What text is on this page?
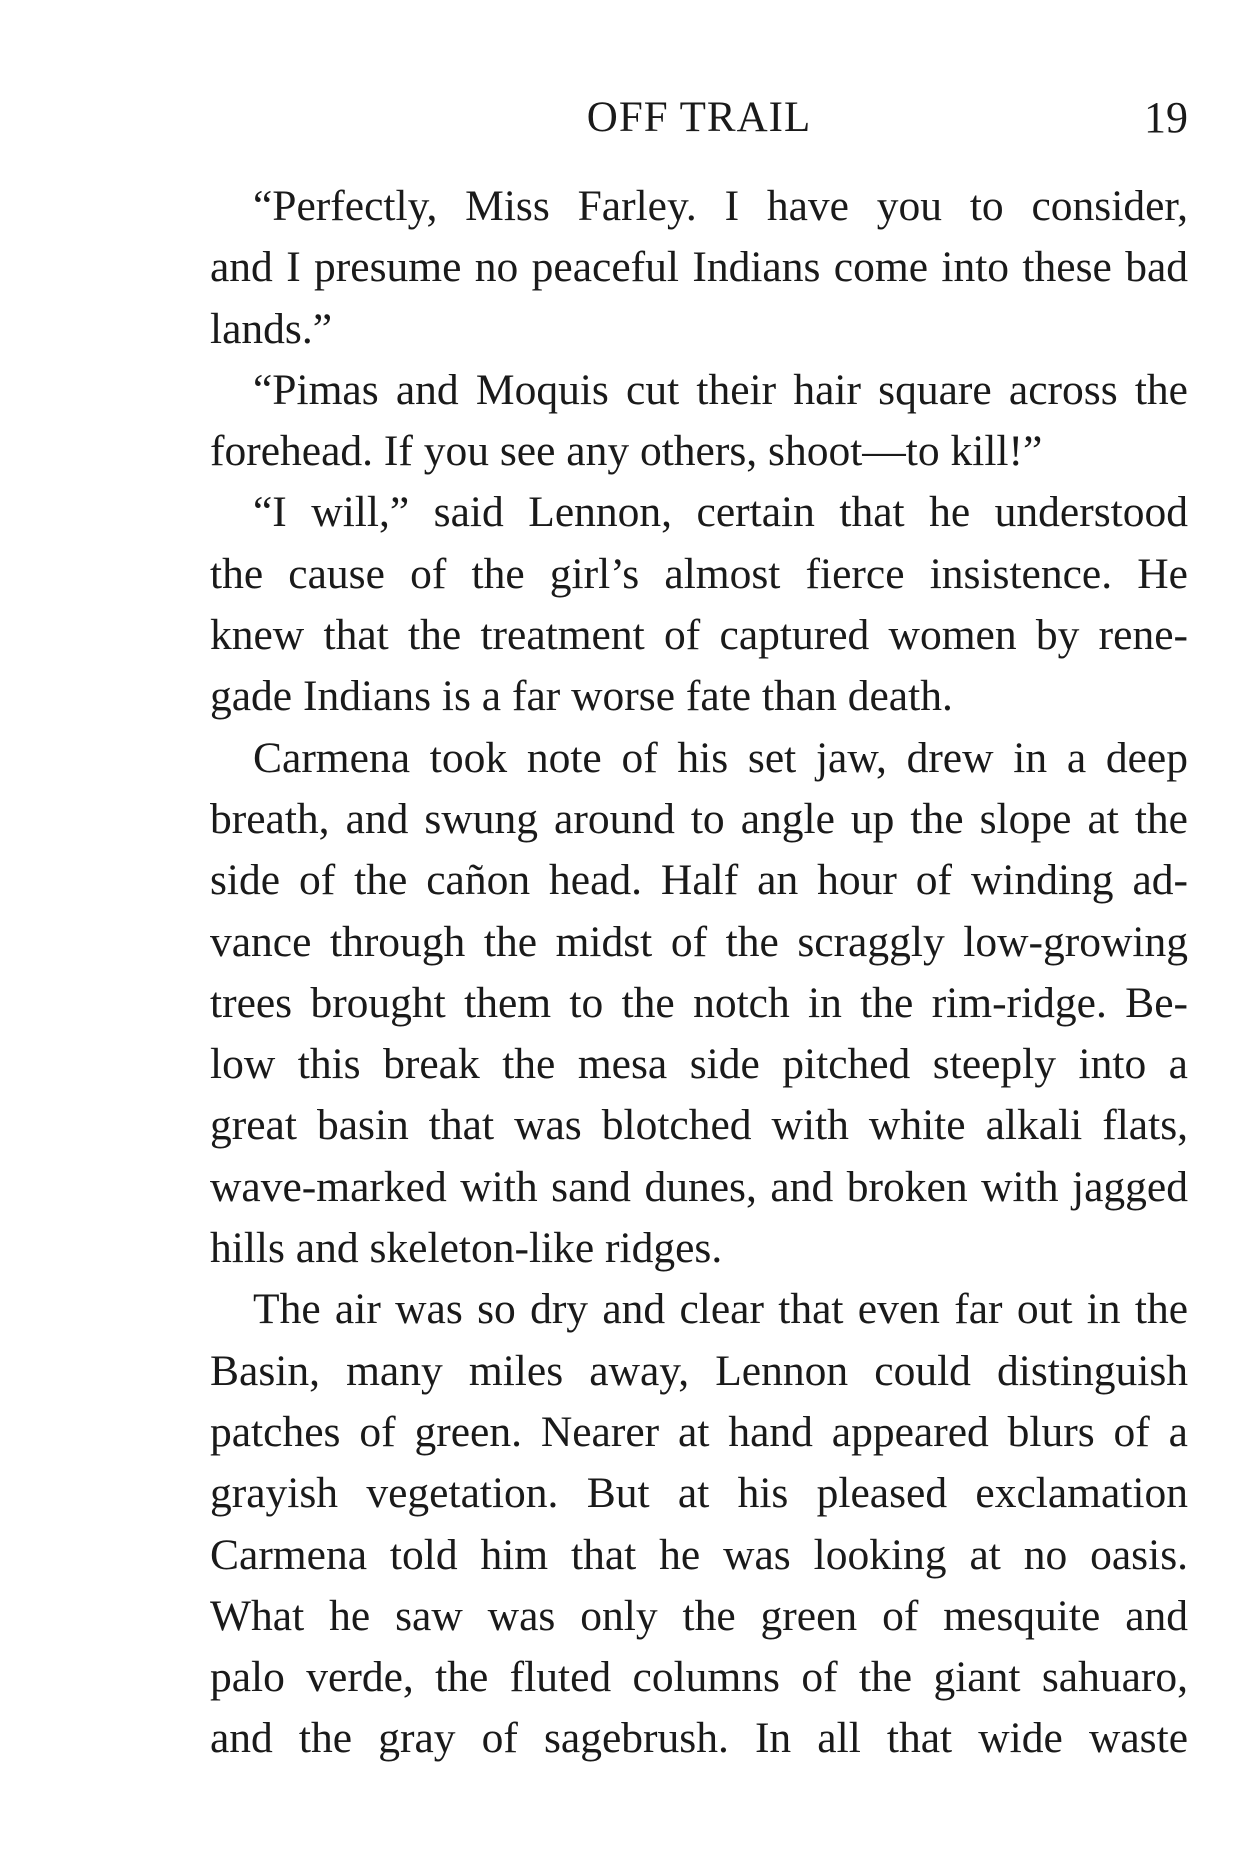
OFF TRAIL	19

“Perfectly, Miss Farley. I have you to consider,
and I presume no peaceful Indians come into these bad
lands.”

“Pimas and Moquis cut their hair square across the
forehead. If you see any others, shoot—to kill!”

“I will,” said Lennon, certain that he understood
the cause of the girl’s almost fierce insistence. He
knew that the treatment of captured women by rene-
gade Indians is a far worse fate than death.

Carmena took note of his set jaw, drew in a deep
breath, and swung around to angle up the slope at the
side of the cañon head. Half an hour of winding ad-
vance through the midst of the scraggly low-growing
trees brought them to the notch in the rim-ridge. Be-
low this break the mesa side pitched steeply into a
great basin that was blotched with white alkali flats,
wave-marked with sand dunes, and broken with jagged
hills and skeleton-like ridges.

The air was so dry and clear that even far out in the
Basin, many miles away, Lennon could distinguish
patches of green. Nearer at hand appeared blurs of a
grayish vegetation. But at his pleased exclamation
Carmena told him that he was looking at no oasis.
What he saw was only the green of mesquite and
palo verde, the fluted columns of the giant sahuaro,
and the gray of sagebrush. In all that wide waste
